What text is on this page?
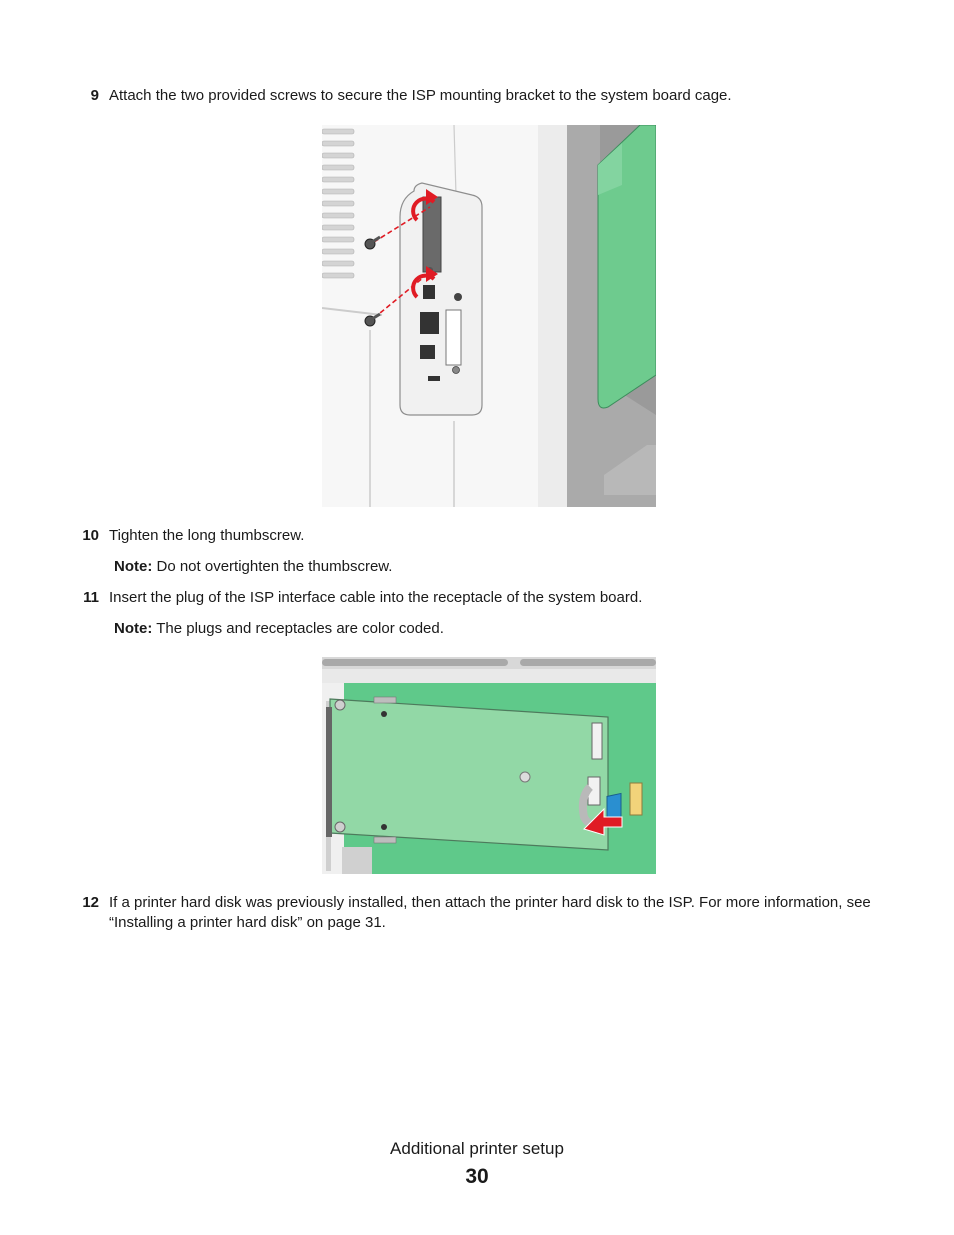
9 Attach the two provided screws to secure the ISP mounting bracket to the system board cage.
10 Tighten the long thumbscrew.
Note: Do not overtighten the thumbscrew.
11 Insert the plug of the ISP interface cable into the receptacle of the system board.
Note: The plugs and receptacles are color coded.
12 If a printer hard disk was previously installed, then attach the printer hard disk to the ISP. For more information, see “Installing a printer hard disk” on page 31.
Additional printer setup
30
